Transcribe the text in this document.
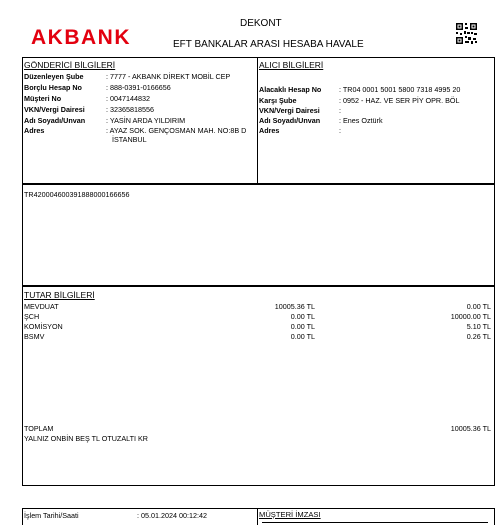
AKBANK
DEKONT
EFT BANKALAR ARASI HESABA HAVALE
GÖNDERİCİ BİLGİLERİ
Düzenleyen Şube	: 7777 - AKBANK DİREKT MOBİL CEP
Borçlu Hesap No	: 888-0391-0166656
Müşteri No	: 0047144832
VKN/Vergi Dairesi	: 32365818556
Adı Soyadı/Unvan	: YASİN ARDA YILDIRIM
Adres	: AYAZ SOK. GENÇOSMAN MAH. NO:8B D
İSTANBUL
ALICI BİLGİLERİ
Alacaklı Hesap No : TR04 0001 5001 5800 7318 4995 20
Karşı Şube	: 0952 - HAZ. VE SER PİY OPR. BÖL
VKN/Vergi Dairesi	:
Adı Soyadı/Unvan	: Enes Oztürk
Adres	:
TR420004600391888000166656
TUTAR BİLGİLERİ
MEVDUAT	10005.36 TL	0.00 TL
ŞCH	0.00 TL	10000.00 TL
KOMİSYON	0.00 TL	5.10 TL
BSMV	0.00 TL	0.26 TL
TOPLAM	10005.36 TL
YALNIZ ONBİN BEŞ TL OTUZALTI KR
İşlem Tarihi/Saati	: 05.01.2024 00:12:42	MÜŞTERİ İMZASI
